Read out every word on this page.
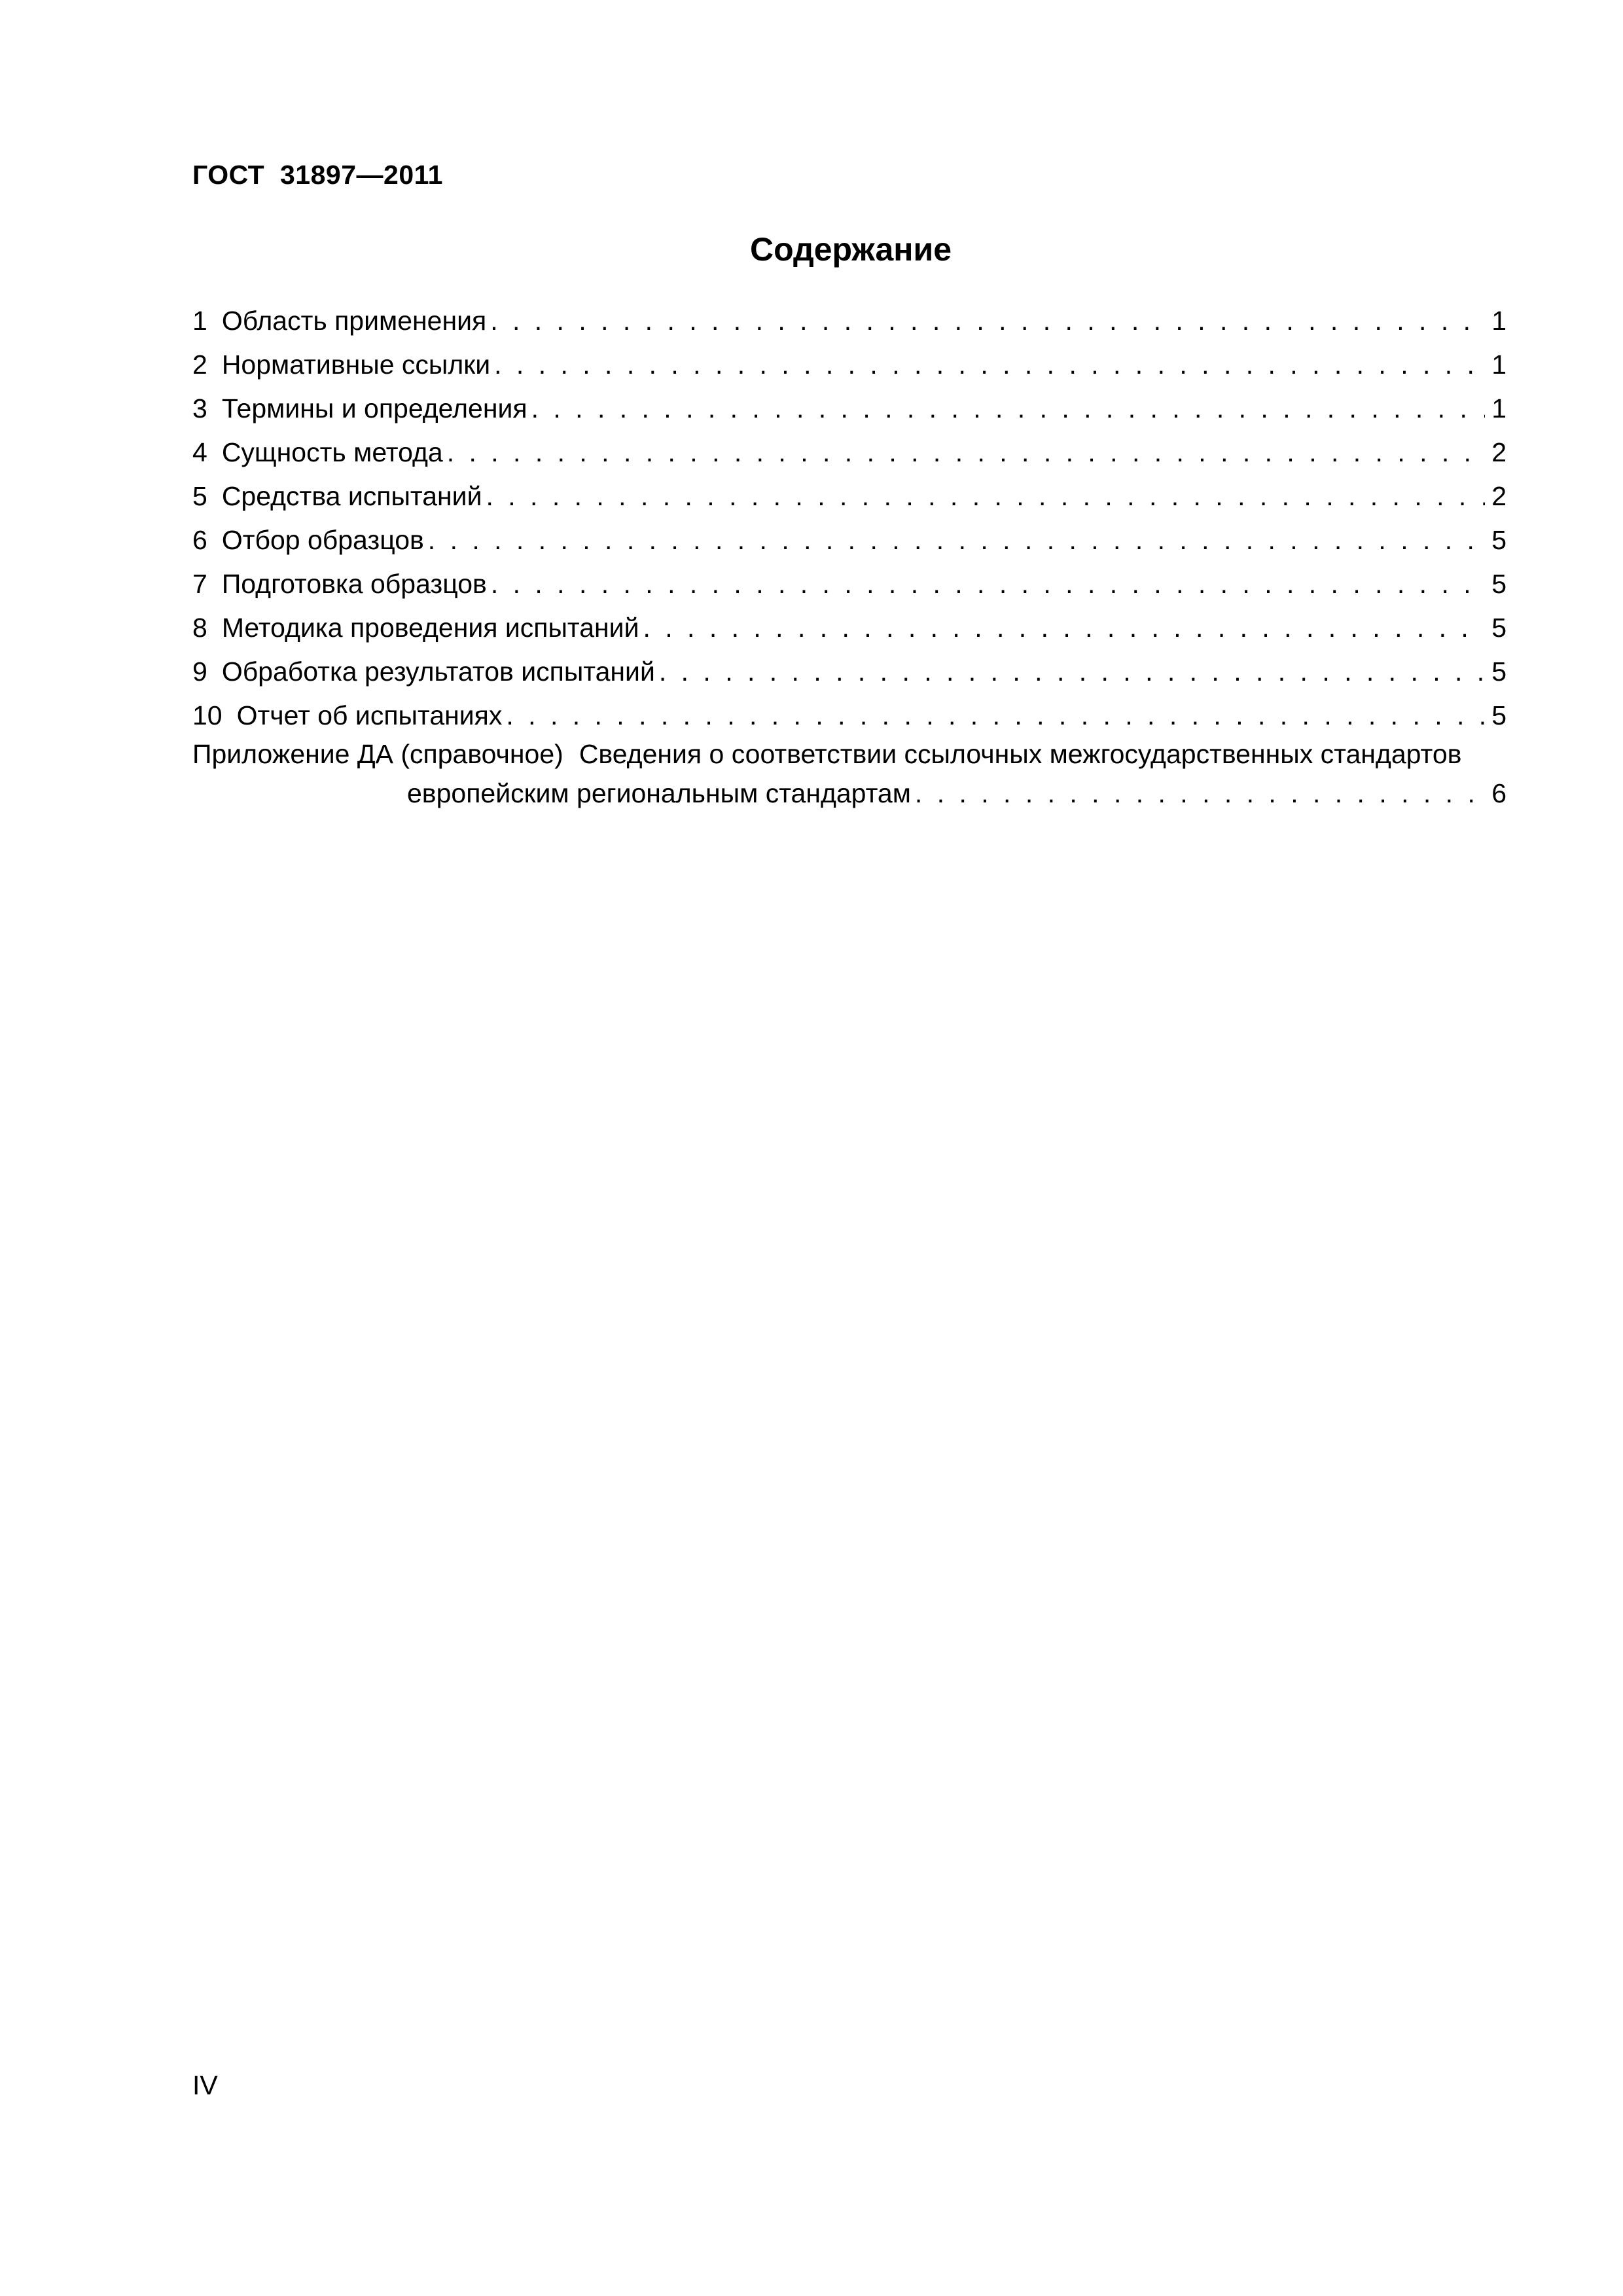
ГОСТ  31897—2011
Содержание
1 Область применения . . .	1
2 Нормативные ссылки . . .	1
3 Термины и определения . . .	1
4 Сущность метода . . .	2
5 Средства испытаний . . .	2
6 Отбор образцов . . .	5
7 Подготовка образцов . . .	5
8 Методика проведения испытаний . . .	5
9 Обработка результатов испытаний . . .	5
10 Отчет об испытаниях . . .	5
Приложение ДА (справочное) Сведения о соответствии ссылочных межгосударственных стандартов
европейским региональным стандартам . . .	6
IV
